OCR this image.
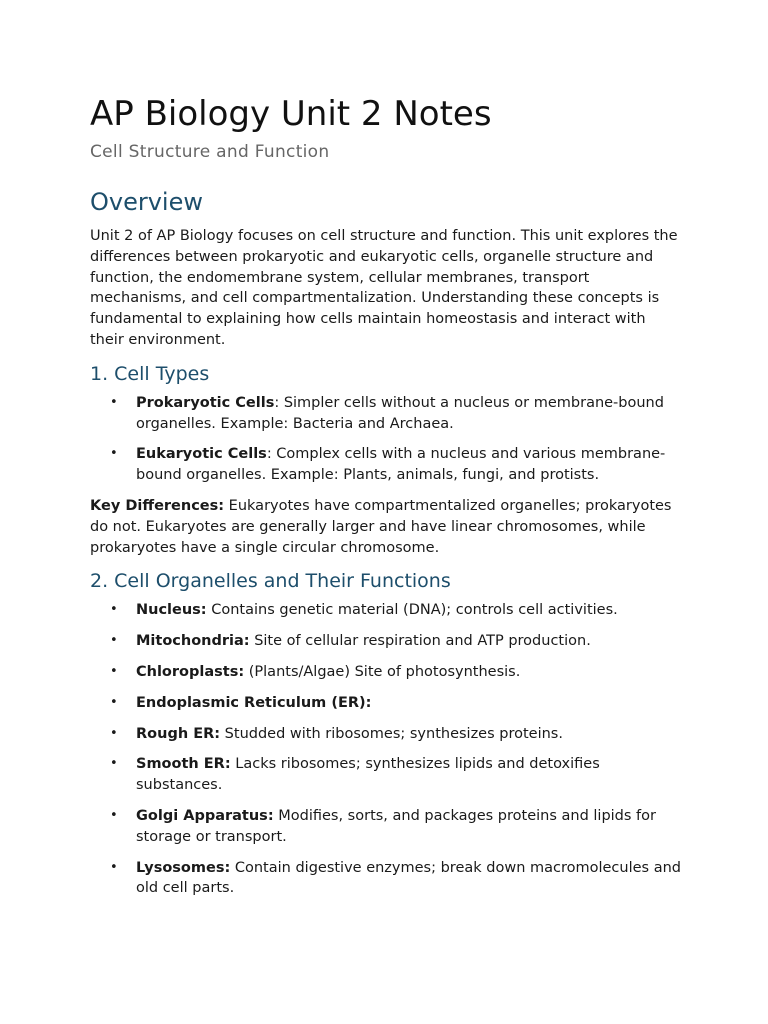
AP Biology Unit 2 Notes
Cell Structure and Function
Overview

Unit 2 of AP Biology focuses on cell structure and function. This unit explores the differences between prokaryotic and eukaryotic cells, organelle structure and function, the endomembrane system, cellular membranes, transport mechanisms, and cell compartmentalization. Understanding these concepts is fundamental to explaining how cells maintain homeostasis and interact with their environment.

1. Cell Types
• Prokaryotic Cells: Simpler cells without a nucleus or membrane-bound organelles. Example: Bacteria and Archaea.
• Eukaryotic Cells: Complex cells with a nucleus and various membrane-bound organelles. Example: Plants, animals, fungi, and protists.

Key Differences: Eukaryotes have compartmentalized organelles; prokaryotes do not. Eukaryotes are generally larger and have linear chromosomes, while prokaryotes have a single circular chromosome.

2. Cell Organelles and Their Functions
• Nucleus: Contains genetic material (DNA); controls cell activities.
• Mitochondria: Site of cellular respiration and ATP production.
• Chloroplasts: (Plants/Algae) Site of photosynthesis.
• Endoplasmic Reticulum (ER):
• Rough ER: Studded with ribosomes; synthesizes proteins.
• Smooth ER: Lacks ribosomes; synthesizes lipids and detoxifies substances.
• Golgi Apparatus: Modifies, sorts, and packages proteins and lipids for storage or transport.
• Lysosomes: Contain digestive enzymes; break down macromolecules and old cell parts.
